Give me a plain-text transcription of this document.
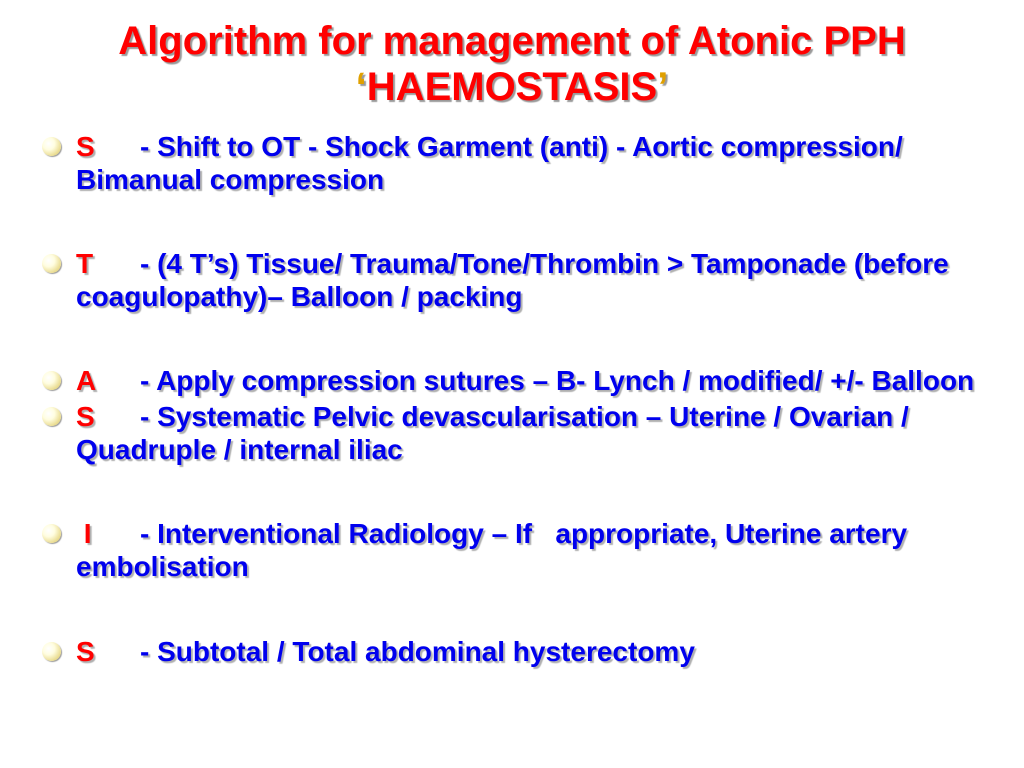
Algorithm for management of Atonic PPH
‘HAEMOSTASIS’
S - Shift to OT - Shock Garment (anti) - Aortic compression/ Bimanual compression
T - (4 T’s) Tissue/ Trauma/Tone/Thrombin > Tamponade (before coagulopathy)– Balloon / packing
A - Apply compression sutures – B- Lynch / modified/ +/- Balloon
S - Systematic Pelvic devascularisation – Uterine / Ovarian / Quadruple / internal iliac
I - Interventional Radiology – If   appropriate, Uterine artery embolisation
S - Subtotal / Total abdominal hysterectomy
